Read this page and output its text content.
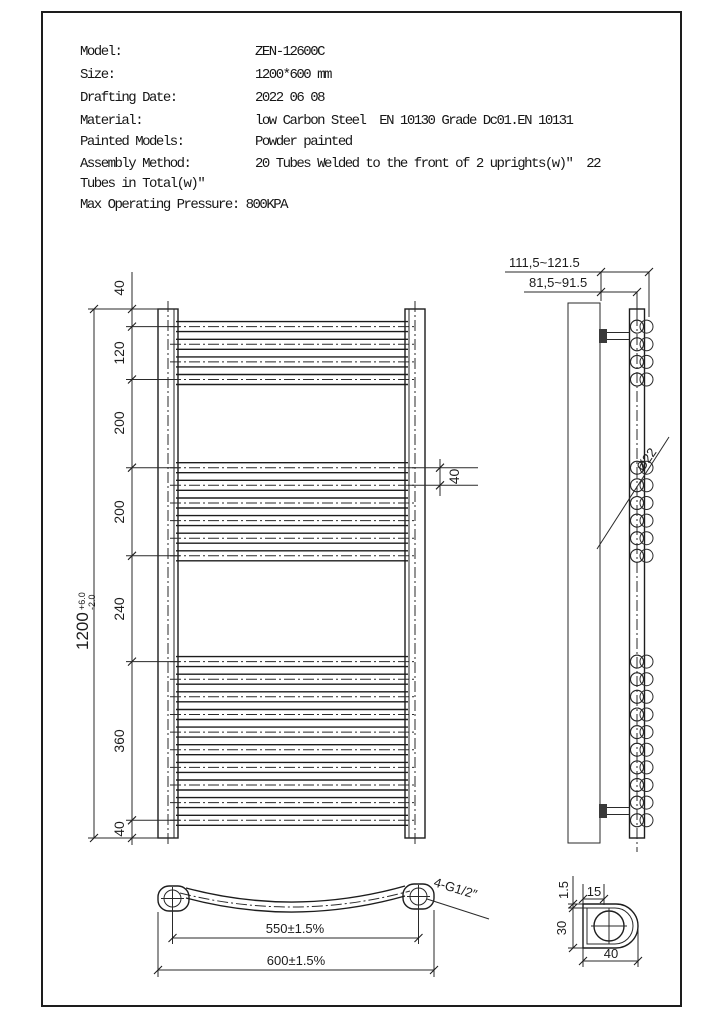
Model:	ZEN-12600C
Size:	1200*600 mm
Drafting Date:	2022 06 08
Material:	low Carbon Steel  EN 10130 Grade Dc01.EN 10131
Painted Models:	Powder painted
Assembly Method:	20 Tubes Welded to the front of 2 uprights(w)″  22
Tubes in Total(w)″
Max Operating Pressure: 800KPA
1200
+6.0 -2.0
40
120
200
200
240
360
40
40
111,5~121.5
81,5~91.5
Ø22
4-G1/2″
550±1.5%
600±1.5%
15
1.5
30
40
